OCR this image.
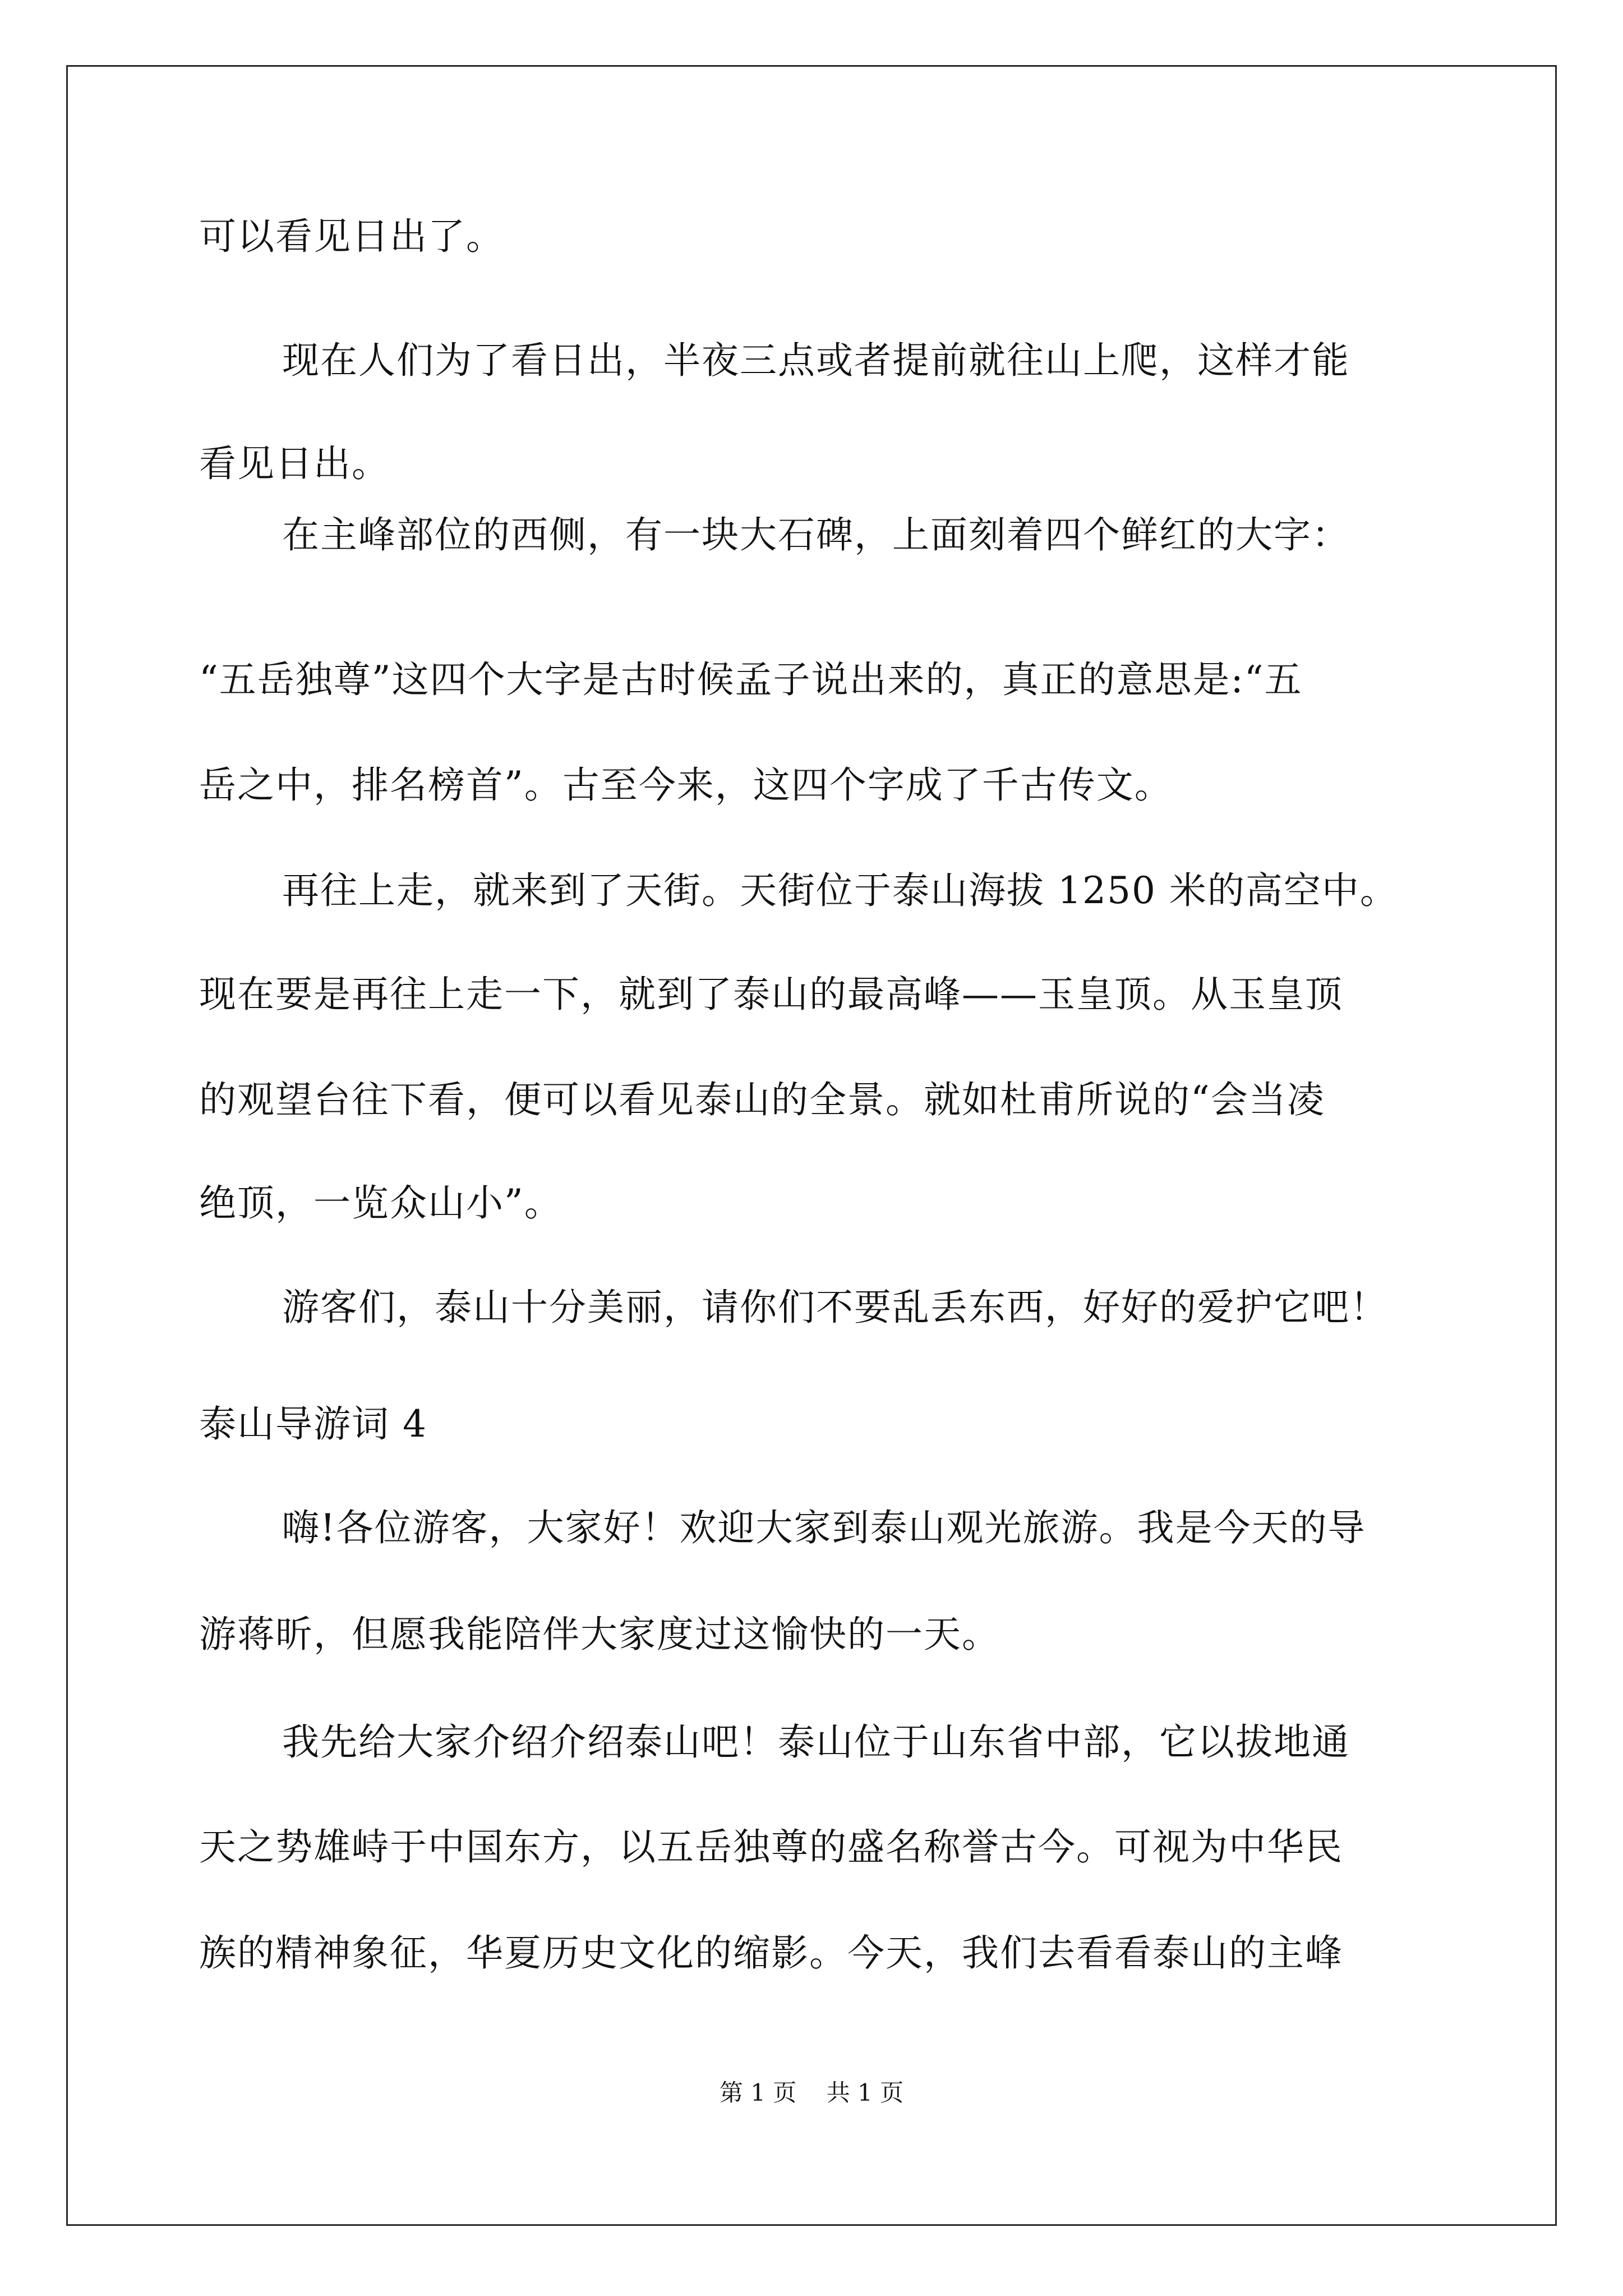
可以看见日出了。
现在人们为了看日出，半夜三点或者提前就往山上爬，这样才能
看见日出。
在主峰部位的西侧，有一块大石碑，上面刻着四个鲜红的大字：
“五岳独尊”这四个大字是古时候孟子说出来的，真正的意思是:“五
岳之中，排名榜首”。古至今来，这四个字成了千古传文。
再往上走，就来到了天街。天街位于泰山海拔 1250 米的高空中。
现在要是再往上走一下，就到了泰山的最高峰——玉皇顶。从玉皇顶
的观望台往下看，便可以看见泰山的全景。就如杜甫所说的“会当凌
绝顶，一览众山小”。
游客们，泰山十分美丽，请你们不要乱丢东西，好好的爱护它吧！
泰山导游词 4
嗨!各位游客，大家好！欢迎大家到泰山观光旅游。我是今天的导
游蒋昕，但愿我能陪伴大家度过这愉快的一天。
我先给大家介绍介绍泰山吧！泰山位于山东省中部，它以拔地通
天之势雄峙于中国东方，以五岳独尊的盛名称誉古今。可视为中华民
族的精神象征，华夏历史文化的缩影。今天，我们去看看泰山的主峰
第 1 页    共 1 页
